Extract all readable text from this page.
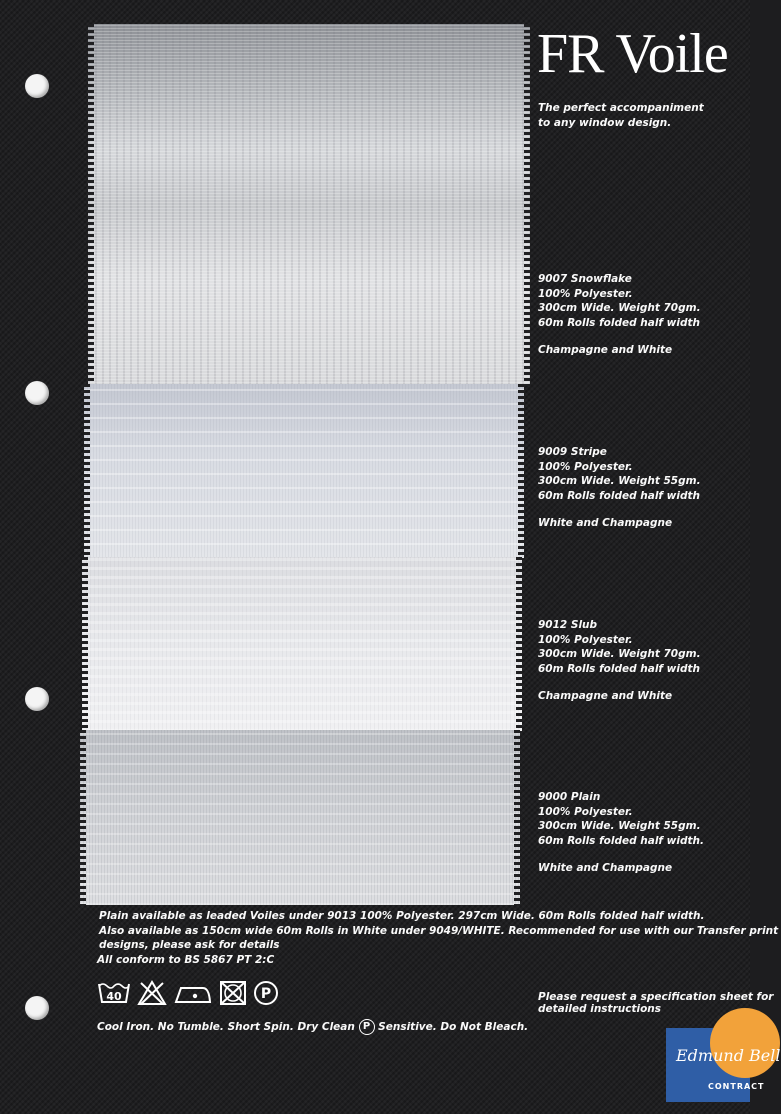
FR Voile
The perfect accompaniment
to any window design.
9007 Snowflake
100% Polyester.
300cm Wide. Weight 70gm.
60m Rolls folded half width
Champagne and White
9009 Stripe
100% Polyester.
300cm Wide. Weight 55gm.
60m Rolls folded half width
White and Champagne
9012 Slub
100% Polyester.
300cm Wide. Weight 70gm.
60m Rolls folded half width
Champagne and White
9000 Plain
100% Polyester.
300cm Wide. Weight 55gm.
60m Rolls folded half width.
White and Champagne
Plain available as leaded Voiles under 9013 100% Polyester. 297cm Wide. 60m Rolls folded half width.
Also available as 150cm wide 60m Rolls in White under 9049/WHITE. Recommended for use with our Transfer print
designs, please ask for details
All conform to BS 5867 PT 2:C
40	P
Cool Iron. No Tumble. Short Spin. Dry Clean P Sensitive. Do Not Bleach.
Please request a specification sheet for
detailed instructions
Edmund Bell
CONTRACT
